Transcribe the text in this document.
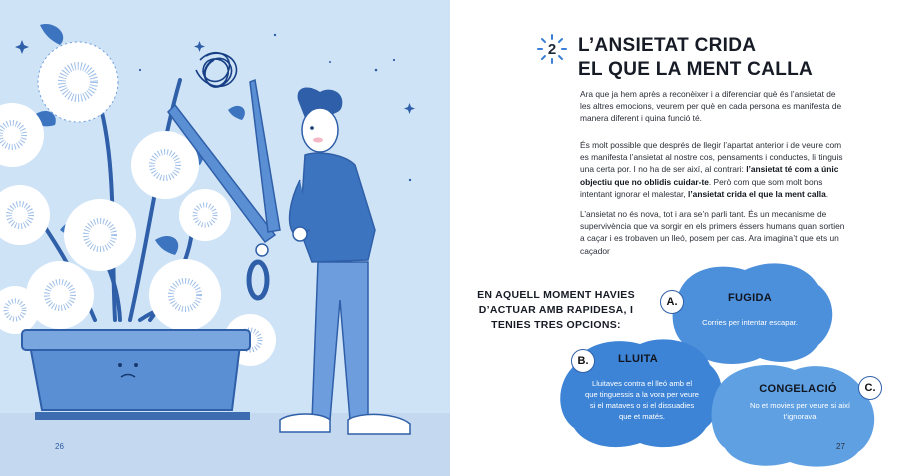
26
2	L’ANSIETAT CRIDA
EL QUE LA MENT CALLA

Ara que ja hem après a reconèixer i a diferenciar què és l’ansietat de les altres emocions, veurem per què en cada persona es manifesta de manera diferent i quina funció té.

És molt possible que després de llegir l’apartat anterior i de veure com es manifesta l’ansietat al nostre cos, pensaments i conductes, li tinguis una certa por. I no ha de ser així, al contrari: l’ansietat té com a únic objectiu que no oblidis cuidar-te. Però com que som molt bons intentant ignorar el malestar, l’ansietat crida el que la ment calla.

L’ansietat no és nova, tot i ara se’n parli tant. És un mecanisme de supervivència que va sorgir en els primers éssers humans quan sortien a caçar i es trobaven un lleó, posem per cas. Ara imagina’t que ets un caçador

EN AQUELL MOMENT HAVIES
D’ACTUAR AMB RAPIDESA, I
TENIES TRES OPCIONS:
A.	FUGIDA
Corries per intentar escapar.
B.	LLUITA
Lluitaves contra el lleó amb el
que tinguessis a la vora per veure
si el mataves o si el dissuadies
que et matés.
C.
CONGELACIÓ
No et movies per veure si així
t’ignorava
27
